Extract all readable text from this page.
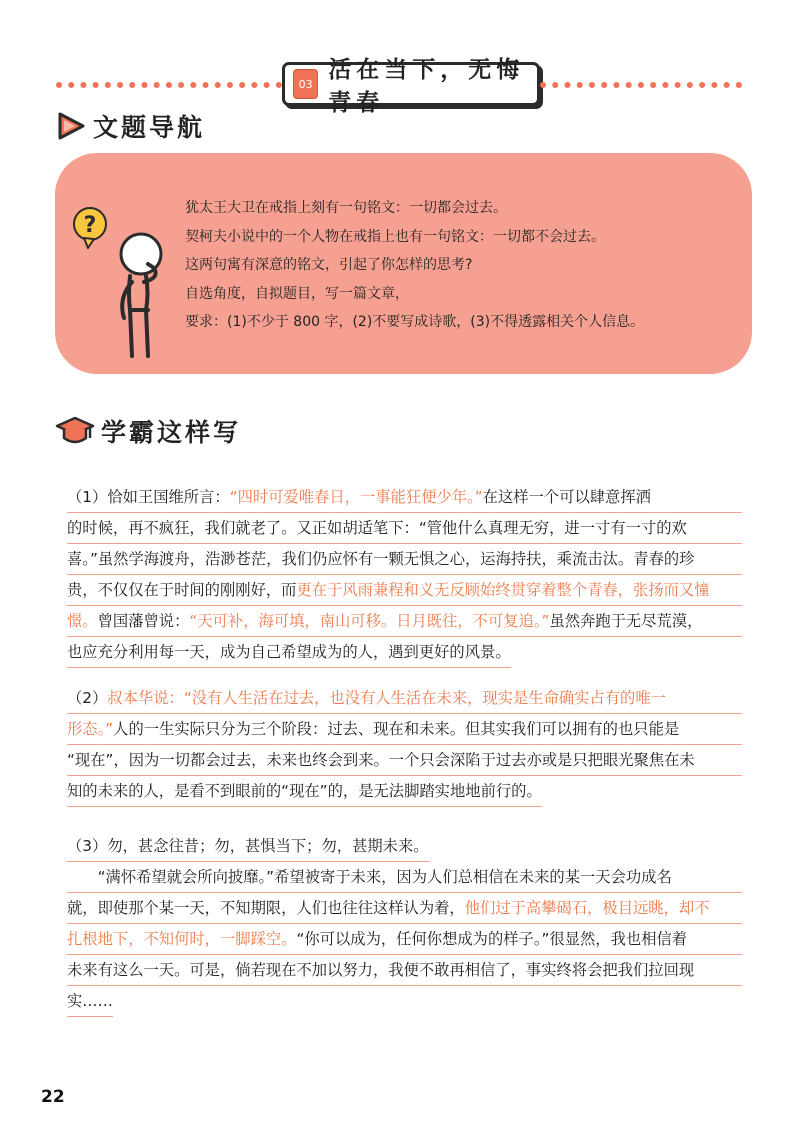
03
活在当下，无悔青春
文题导航
?
犹太王大卫在戒指上刻有一句铭文：一切都会过去。
契柯夫小说中的一个人物在戒指上也有一句铭文：一切都不会过去。
这两句寓有深意的铭文，引起了你怎样的思考?
自选角度，自拟题目，写一篇文章，
要求：(1)不少于 800 字，(2)不要写成诗歌，(3)不得透露相关个人信息。
学霸这样写
（1）恰如王国维所言：“四时可爱唯春日，一事能狂便少年。”在这样一个可以肆意挥洒
的时候，再不疯狂，我们就老了。又正如胡适笔下：“管他什么真理无穷，进一寸有一寸的欢
喜。”虽然学海渡舟，浩渺苍茫，我们仍应怀有一颗无惧之心，运海持扶，乘流击汰。青春的珍
贵，不仅仅在于时间的刚刚好，而更在于风雨兼程和义无反顾始终贯穿着整个青春，张扬而又憧
憬。曾国藩曾说：“天可补，海可填，南山可移。日月既往，不可复追。”虽然奔跑于无尽荒漠，
也应充分利用每一天，成为自己希望成为的人，遇到更好的风景。
（2）叔本华说：“没有人生活在过去，也没有人生活在未来，现实是生命确实占有的唯一
形态。”人的一生实际只分为三个阶段：过去、现在和未来。但其实我们可以拥有的也只能是
“现在”，因为一切都会过去，未来也终会到来。一个只会深陷于过去亦或是只把眼光聚焦在未
知的未来的人，是看不到眼前的“现在”的，是无法脚踏实地地前行的。
（3）勿，甚念往昔；勿，甚惧当下；勿，甚期未来。
　　“满怀希望就会所向披靡。”希望被寄于未来，因为人们总相信在未来的某一天会功成名
就，即使那个某一天，不知期限，人们也往往这样认为着，他们过于高攀碣石，极目远眺，却不
扎根地下，不知何时，一脚踩空。“你可以成为，任何你想成为的样子。”很显然，我也相信着
未来有这么一天。可是，倘若现在不加以努力，我便不敢再相信了，事实终将会把我们拉回现
实……
22
